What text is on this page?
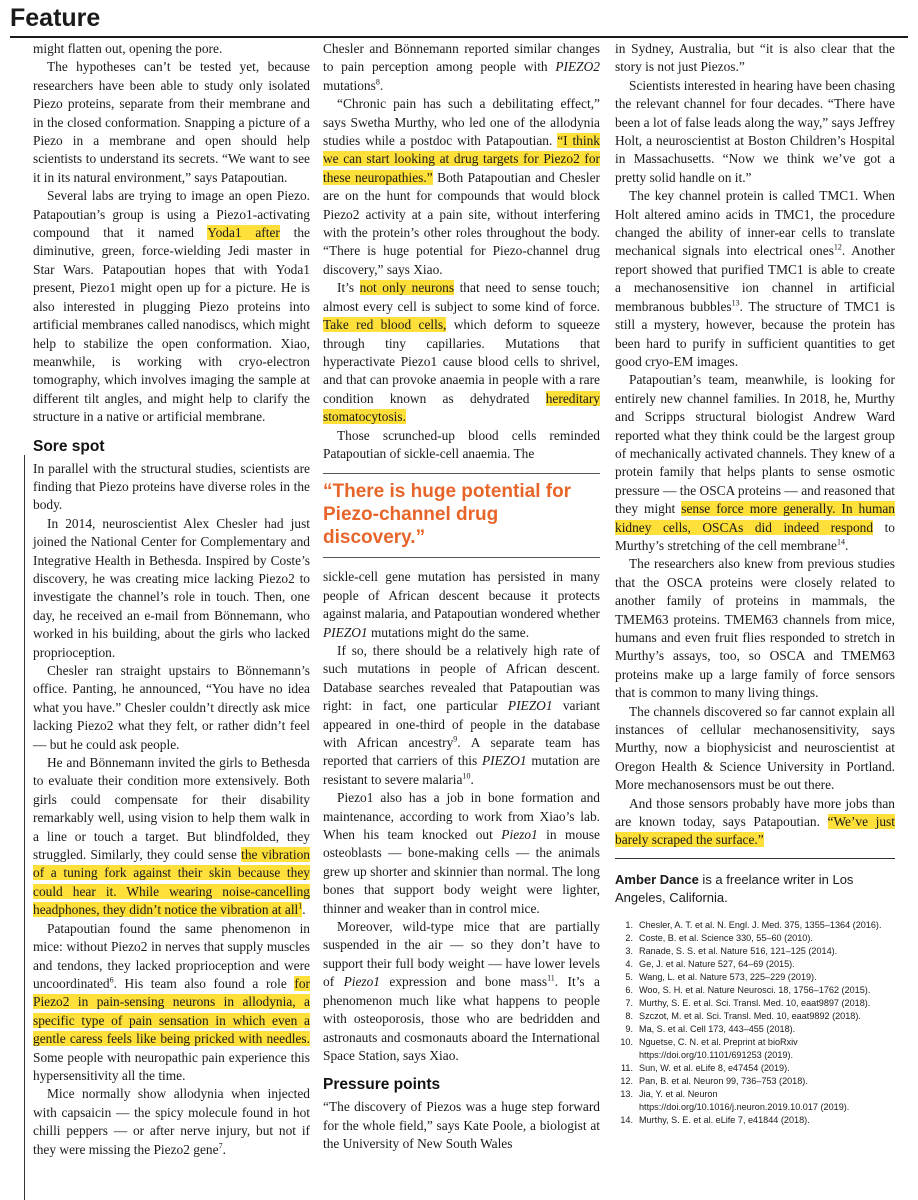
Feature

might flatten out, opening the pore.

The hypotheses can’t be tested yet, because researchers have been able to study only isolated Piezo proteins, separate from their membrane and in the closed conformation. Snapping a picture of a Piezo in a membrane and open should help scientists to understand its secrets. “We want to see it in its natural environment,” says Patapoutian.

Several labs are trying to image an open Piezo. Patapoutian’s group is using a Piezo1-activating compound that it named Yoda1 after the diminutive, green, force-wielding Jedi master in Star Wars. Patapoutian hopes that with Yoda1 present, Piezo1 might open up for a picture. He is also interested in plugging Piezo proteins into artificial membranes called nanodiscs, which might help to stabilize the open conformation. Xiao, meanwhile, is working with cryo-electron tomography, which involves imaging the sample at different tilt angles, and might help to clarify the structure in a native or artificial membrane.

Sore spot

In parallel with the structural studies, scientists are finding that Piezo proteins have diverse roles in the body.

In 2014, neuroscientist Alex Chesler had just joined the National Center for Complementary and Integrative Health in Bethesda. Inspired by Coste’s discovery, he was creating mice lacking Piezo2 to investigate the channel’s role in touch. Then, one day, he received an e-mail from Bönnemann, who worked in his building, about the girls who lacked proprioception.

Chesler ran straight upstairs to Bönnemann’s office. Panting, he announced, “You have no idea what you have.” Chesler couldn’t directly ask mice lacking Piezo2 what they felt, or rather didn’t feel — but he could ask people.

He and Bönnemann invited the girls to Bethesda to evaluate their condition more extensively. Both girls could compensate for their disability remarkably well, using vision to help them walk in a line or touch a target. But blindfolded, they struggled. Similarly, they could sense the vibration of a tuning fork against their skin because they could hear it. While wearing noise-cancelling headphones, they didn’t notice the vibration at all$^1$.

Patapoutian found the same phenomenon in mice: without Piezo2 in nerves that supply muscles and tendons, they lacked proprioception and were uncoordinated$^6$. His team also found a role for Piezo2 in pain-sensing neurons in allodynia, a specific type of pain sensation in which even a gentle caress feels like being pricked with needles. Some people with neuropathic pain experience this hypersensitivity all the time.

Mice normally show allodynia when injected with capsaicin — the spicy molecule found in hot chilli peppers — or after nerve injury, but not if they were missing the Piezo2 gene$^7$.

Chesler and Bönnemann reported similar changes to pain perception among people with PIEZO2 mutations$^8$.

“Chronic pain has such a debilitating effect,” says Swetha Murthy, who led one of the allodynia studies while a postdoc with Patapoutian. “I think we can start looking at drug targets for Piezo2 for these neuropathies.” Both Patapoutian and Chesler are on the hunt for compounds that would block Piezo2 activity at a pain site, without interfering with the protein’s other roles throughout the body. “There is huge potential for Piezo-channel drug discovery,” says Xiao.

It’s not only neurons that need to sense touch; almost every cell is subject to some kind of force. Take red blood cells, which deform to squeeze through tiny capillaries. Mutations that hyperactivate Piezo1 cause blood cells to shrivel, and that can provoke anaemia in people with a rare condition known as dehydrated hereditary stomatocytosis.

Those scrunched-up blood cells reminded Patapoutian of sickle-cell anaemia. The

“There is huge potential for Piezo-channel drug discovery.”

sickle-cell gene mutation has persisted in many people of African descent because it protects against malaria, and Patapoutian wondered whether PIEZO1 mutations might do the same.

If so, there should be a relatively high rate of such mutations in people of African descent. Database searches revealed that Patapoutian was right: in fact, one particular PIEZO1 variant appeared in one-third of people in the database with African ancestry$^9$. A separate team has reported that carriers of this PIEZO1 mutation are resistant to severe malaria$^{10}$.

Piezo1 also has a job in bone formation and maintenance, according to work from Xiao’s lab. When his team knocked out Piezo1 in mouse osteoblasts — bone-making cells — the animals grew up shorter and skinnier than normal. The long bones that support body weight were lighter, thinner and weaker than in control mice.

Moreover, wild-type mice that are partially suspended in the air — so they don’t have to support their full body weight — have lower levels of Piezo1 expression and bone mass$^{11}$. It’s a phenomenon much like what happens to people with osteoporosis, those who are bedridden and astronauts and cosmonauts aboard the International Space Station, says Xiao.

Pressure points

“The discovery of Piezos was a huge step forward for the whole field,” says Kate Poole, a biologist at the University of New South Wales

in Sydney, Australia, but “it is also clear that the story is not just Piezos.”

Scientists interested in hearing have been chasing the relevant channel for four decades. “There have been a lot of false leads along the way,” says Jeffrey Holt, a neuroscientist at Boston Children’s Hospital in Massachusetts. “Now we think we’ve got a pretty solid handle on it.”

The key channel protein is called TMC1. When Holt altered amino acids in TMC1, the procedure changed the ability of inner-ear cells to translate mechanical signals into electrical ones$^{12}$. Another report showed that purified TMC1 is able to create a mechanosensitive ion channel in artificial membranous bubbles$^{13}$. The structure of TMC1 is still a mystery, however, because the protein has been hard to purify in sufficient quantities to get good cryo-EM images.

Patapoutian’s team, meanwhile, is looking for entirely new channel families. In 2018, he, Murthy and Scripps structural biologist Andrew Ward reported what they think could be the largest group of mechanically activated channels. They knew of a protein family that helps plants to sense osmotic pressure — the OSCA proteins — and reasoned that they might sense force more generally. In human kidney cells, OSCAs did indeed respond to Murthy’s stretching of the cell membrane$^{14}$.

The researchers also knew from previous studies that the OSCA proteins were closely related to another family of proteins in mammals, the TMEM63 proteins. TMEM63 channels from mice, humans and even fruit flies responded to stretch in Murthy’s assays, too, so OSCA and TMEM63 proteins make up a large family of force sensors that is common to many living things.

The channels discovered so far cannot explain all instances of cellular mechanosensitivity, says Murthy, now a biophysicist and neuroscientist at Oregon Health & Science University in Portland. More mechanosensors must be out there.

And those sensors probably have more jobs than are known today, says Patapoutian. “We’ve just barely scraped the surface.”

Amber Dance is a freelance writer in Los Angeles, California.
1. Chesler, A. T. et al. N. Engl. J. Med. 375, 1355–1364 (2016).
2. Coste, B. et al. Science 330, 55–60 (2010).
3. Ranade, S. S. et al. Nature 516, 121–125 (2014).
4. Ge, J. et al. Nature 527, 64–69 (2015).
5. Wang, L. et al. Nature 573, 225–229 (2019).
6. Woo, S. H. et al. Nature Neurosci. 18, 1756–1762 (2015).
7. Murthy, S. E. et al. Sci. Transl. Med. 10, eaat9897 (2018).
8. Szczot, M. et al. Sci. Transl. Med. 10, eaat9892 (2018).
9. Ma, S. et al. Cell 173, 443–455 (2018).
10. Nguetse, C. N. et al. Preprint at bioRxiv https://doi.org/10.1101/691253 (2019).
11. Sun, W. et al. eLife 8, e47454 (2019).
12. Pan, B. et al. Neuron 99, 736–753 (2018).
13. Jia, Y. et al. Neuron https://doi.org/10.1016/j.neuron.2019.10.017 (2019).
14. Murthy, S. E. et al. eLife 7, e41844 (2018).
